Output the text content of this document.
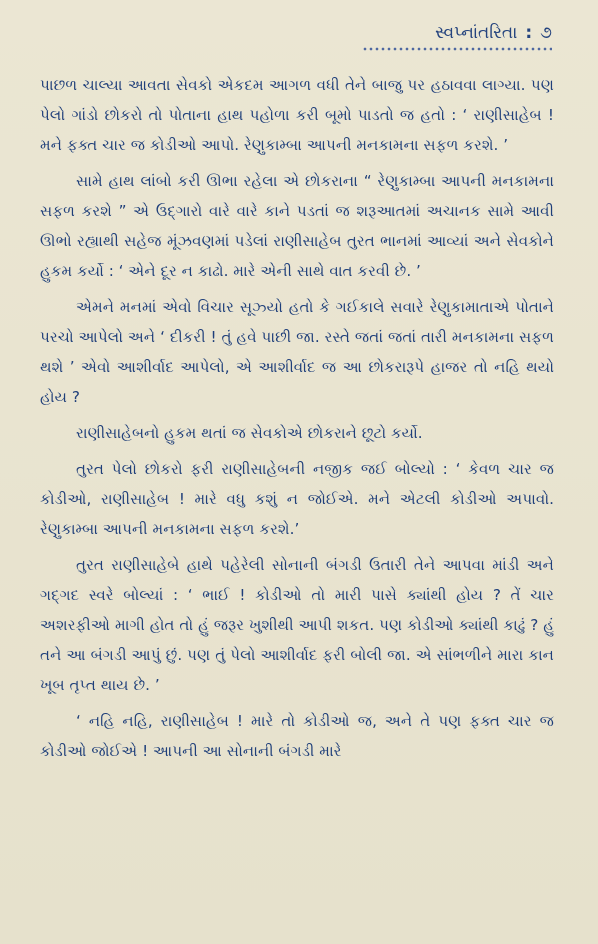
સ્વપ્નાંતરિતા : ૭

પાછળ ચાલ્યા આવતા સેવકો એકદમ આગળ વધી તેને બાજુ પર હઠાવવા લાગ્યા. પણ પેલો ગાંડો છોકરો તો પોતાના હાથ પહોળા કરી બૂમો પાડતો જ હતો : ‘ રાણીસાહેબ ! મને ફક્ત ચાર જ કોડીઓ આપો. રેણુકામ્બા આપની મનકામના સફળ કરશે. ’

સામે હાથ લાંબો કરી ઊભા રહેલા એ છોકરાના “ રેણુકામ્બા આપની મનકામના સફળ કરશે ” એ ઉદ્ગારો વારે વારે કાને પડતાં જ શરૂઆતમાં અચાનક સામે આવી ઊભો રહ્યાથી સહેજ મૂંઝવણમાં પડેલાં રાણીસાહેબ તુરત ભાનમાં આવ્યાં અને સેવકોને હુકમ કર્યો : ‘ એને દૂર ન કાઢો. મારે એની સાથે વાત કરવી છે. ’

એમને મનમાં એવો વિચાર સૂઝ્યો હતો કે ગઈકાલે સવારે રેણુકામાતાએ પોતાને પરચો આપેલો અને ‘ દીકરી ! તું હવે પાછી જા. રસ્તે જતાં જતાં તારી મનકામના સફળ થશે ’ એવો આશીર્વાદ આપેલો, એ આશીર્વાદ જ આ છોકરારૂપે હાજર તો નહિ થયો હોય ?

રાણીસાહેબનો હુકમ થતાં જ સેવકોએ છોકરાને છૂટો કર્યો.

તુરત પેલો છોકરો ફરી રાણીસાહેબની નજીક જઈ બોલ્યો : ‘ કેવળ ચાર જ કોડીઓ, રાણીસાહેબ ! મારે વધુ કશું ન જોઈએ. મને એટલી કોડીઓ અપાવો. રેણુકામ્બા આપની મનકામના સફળ કરશે.’

તુરત રાણીસાહેબે હાથે પહેરેલી સોનાની બંગડી ઉતારી તેને આપવા માંડી અને ગદ્ગદ સ્વરે બોલ્યાં : ‘ ભાઈ ! કોડીઓ તો મારી પાસે ક્યાંથી હોય ? તેં ચાર અશરફીઓ માગી હોત તો હું જરૂર ખુશીથી આપી શકત. પણ કોડીઓ ક્યાંથી કાઢું ? હું તને આ બંગડી આપું છું. પણ તું પેલો આશીર્વાદ ફરી બોલી જા. એ સાંભળીને મારા કાન ખૂબ તૃપ્ત થાય છે. ’

‘ નહિ નહિ, રાણીસાહેબ ! મારે તો કોડીઓ જ, અને તે પણ ફક્ત ચાર જ કોડીઓ જોઈએ ! આપની આ સોનાની બંગડી મારે
